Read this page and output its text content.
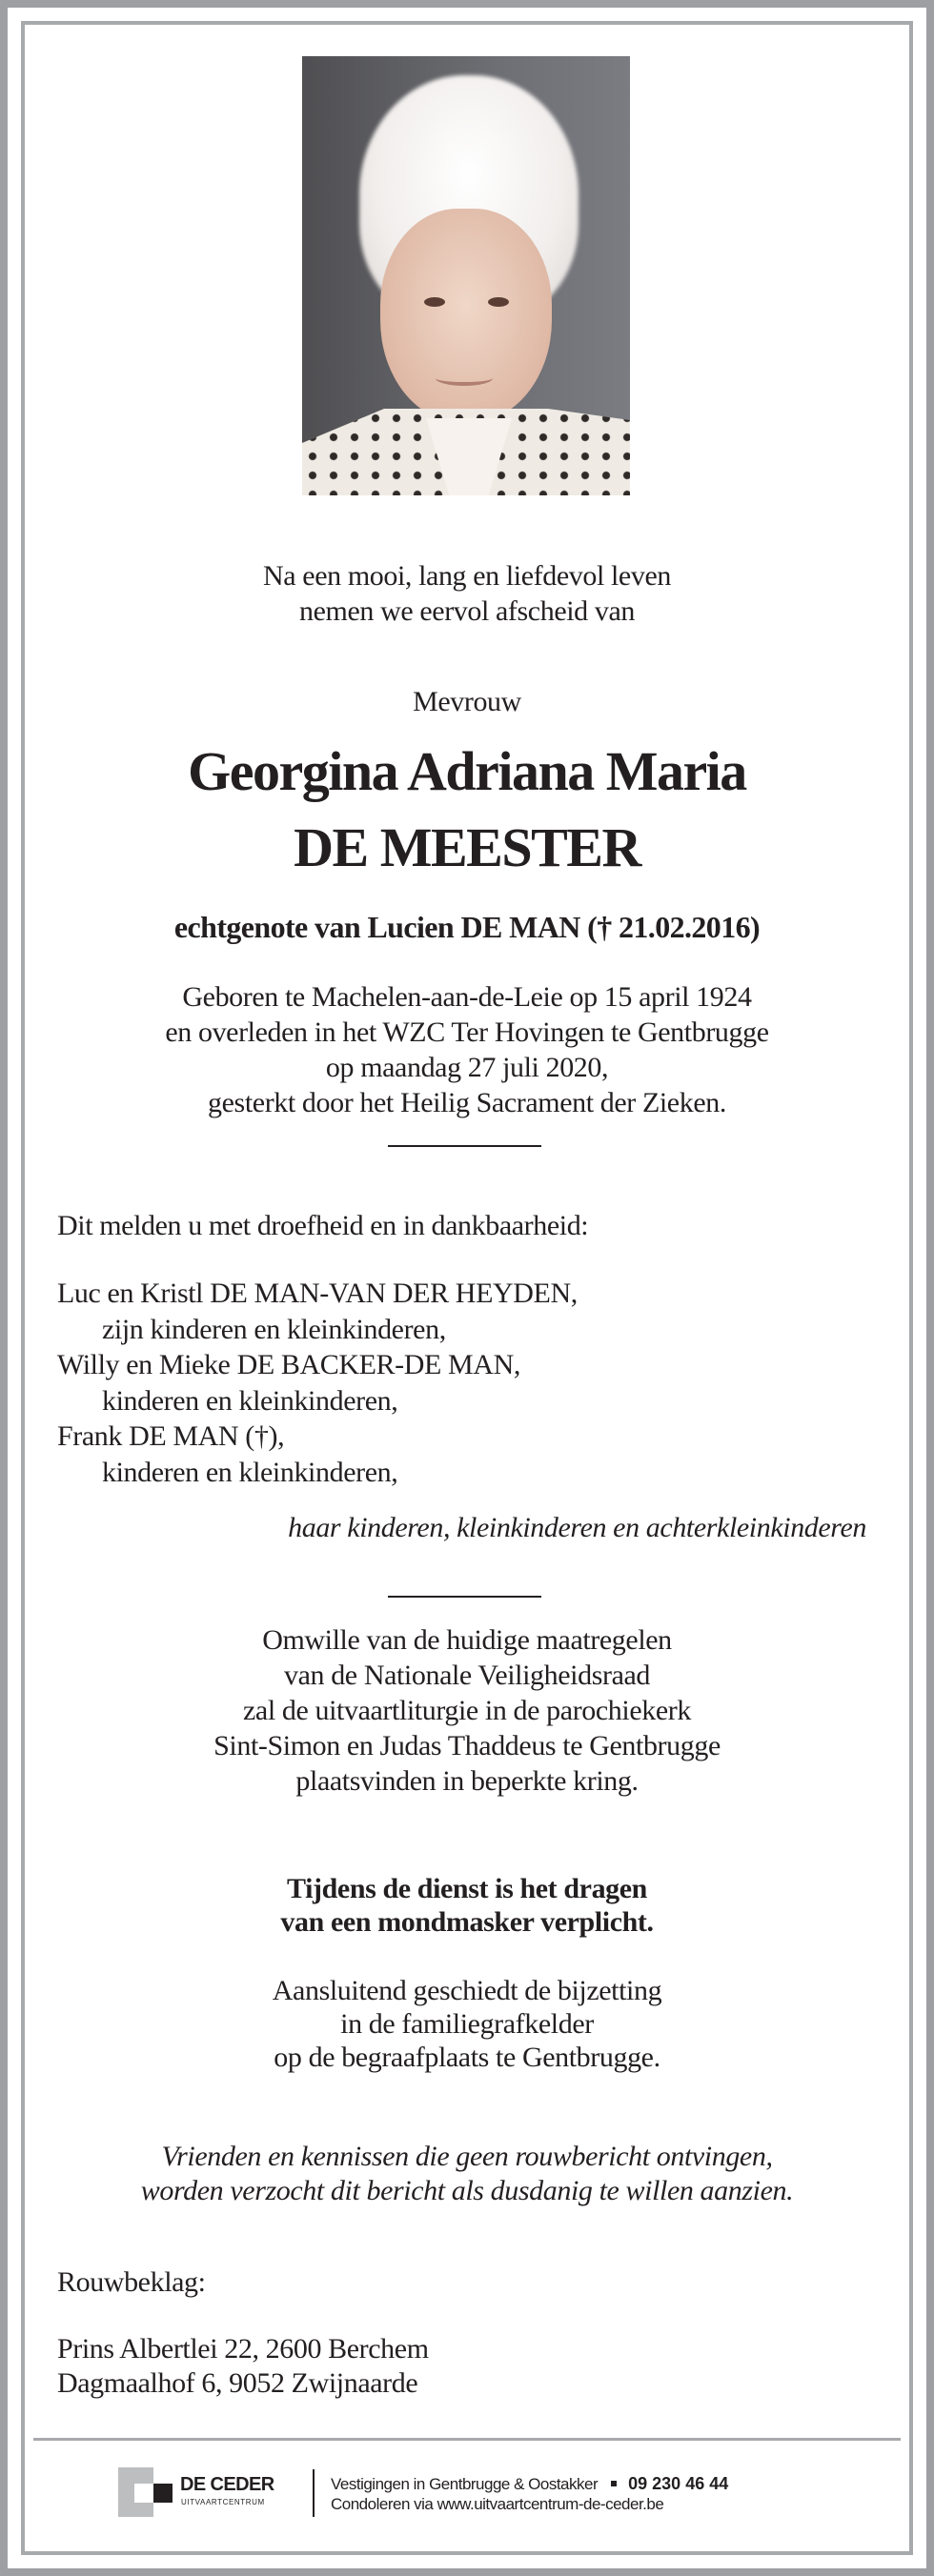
Na een mooi, lang en liefdevol leven
nemen we eervol afscheid van
Mevrouw
Georgina Adriana Maria
DE MEESTER
echtgenote van Lucien DE MAN († 21.02.2016)
Geboren te Machelen-aan-de-Leie op 15 april 1924
en overleden in het WZC Ter Hovingen te Gentbrugge
op maandag 27 juli 2020,
gesterkt door het Heilig Sacrament der Zieken.
Dit melden u met droefheid en in dankbaarheid:
Luc en Kristl DE MAN-VAN DER HEYDEN,
zijn kinderen en kleinkinderen,
Willy en Mieke DE BACKER-DE MAN,
kinderen en kleinkinderen,
Frank DE MAN (†),
kinderen en kleinkinderen,
haar kinderen, kleinkinderen en achterkleinkinderen
Omwille van de huidige maatregelen
van de Nationale Veiligheidsraad
zal de uitvaartliturgie in de parochiekerk
Sint-Simon en Judas Thaddeus te Gentbrugge
plaatsvinden in beperkte kring.
Tijdens de dienst is het dragen
van een mondmasker verplicht.
Aansluitend geschiedt de bijzetting
in de familiegrafkelder
op de begraafplaats te Gentbrugge.
Vrienden en kennissen die geen rouwbericht ontvingen,
worden verzocht dit bericht als dusdanig te willen aanzien.
Rouwbeklag:
Prins Albertlei 22, 2600 Berchem
Dagmaalhof 6, 9052 Zwijnaarde
DE CEDER
UITVAARTCENTRUM
Vestigingen in Gentbrugge & Oostakker 09 230 46 44
Condoleren via www.uitvaartcentrum-de-ceder.be
